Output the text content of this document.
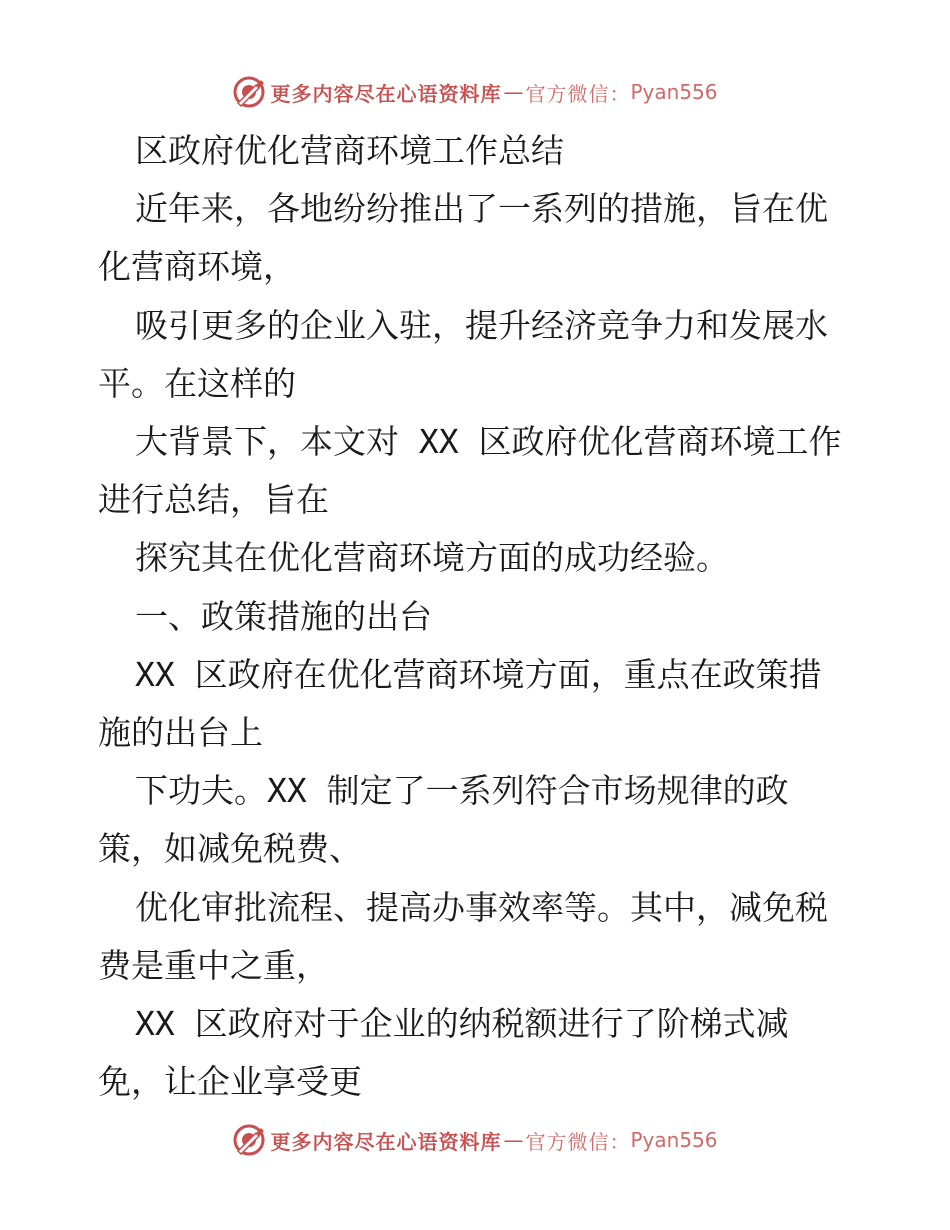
更多内容尽在心语资料库 — 官方微信： Pyan556

区政府优化营商环境工作总结

近年来，各地纷纷推出了一系列的措施，旨在优

化营商环境，

吸引更多的企业入驻，提升经济竞争力和发展水

平。在这样的

大背景下，本文对 XX 区政府优化营商环境工作

进行总结，旨在

探究其在优化营商环境方面的成功经验。

一、政策措施的出台

XX 区政府在优化营商环境方面，重点在政策措

施的出台上

下功夫。XX 制定了一系列符合市场规律的政

策，如减免税费、

优化审批流程、提高办事效率等。其中，减免税

费是重中之重，

XX 区政府对于企业的纳税额进行了阶梯式减

免，让企业享受更

更多内容尽在心语资料库 — 官方微信： Pyan556
